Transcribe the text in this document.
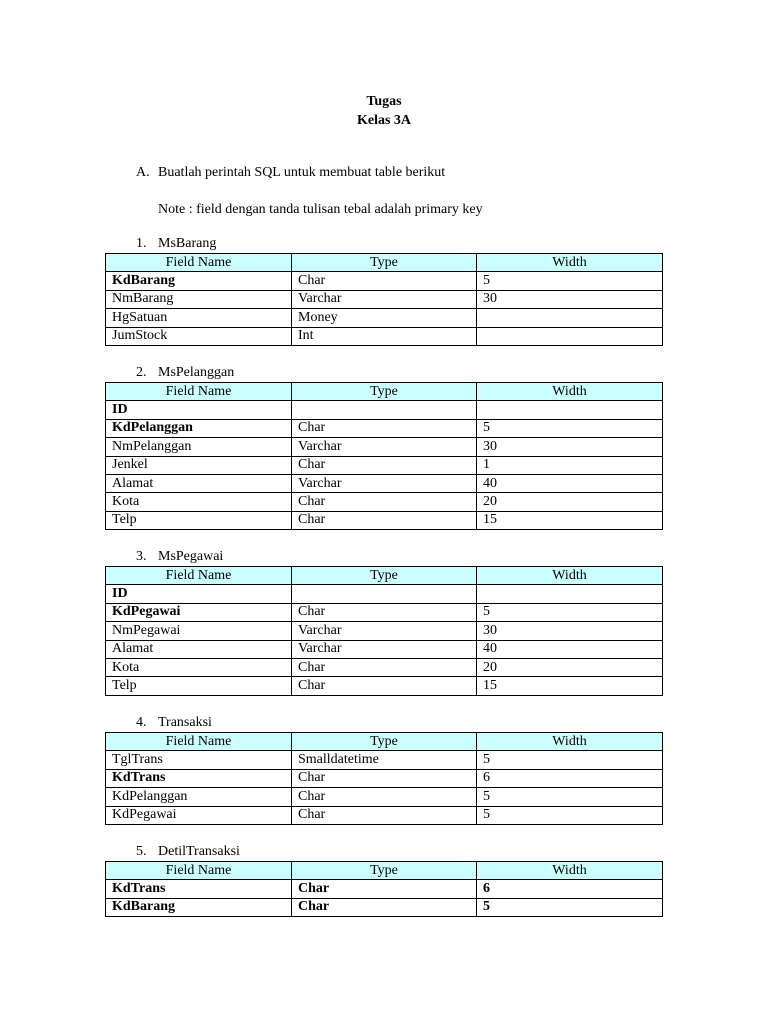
Tugas
Kelas 3A
A. Buatlah perintah SQL untuk membuat table berikut
Note : field dengan tanda tulisan tebal adalah primary key
1. MsBarang
Field Name	Type	Width
KdBarang	Char	5
NmBarang	Varchar	30
HgSatuan	Money	
JumStock	Int	
2. MsPelanggan
Field Name	Type	Width
ID		
KdPelanggan	Char	5
NmPelanggan	Varchar	30
Jenkel	Char	1
Alamat	Varchar	40
Kota	Char	20
Telp	Char	15
3. MsPegawai
Field Name	Type	Width
ID		
KdPegawai	Char	5
NmPegawai	Varchar	30
Alamat	Varchar	40
Kota	Char	20
Telp	Char	15
4. Transaksi
Field Name	Type	Width
TglTrans	Smalldatetime	5
KdTrans	Char	6
KdPelanggan	Char	5
KdPegawai	Char	5
5. DetilTransaksi
Field Name	Type	Width
KdTrans	Char	6
KdBarang	Char	5
